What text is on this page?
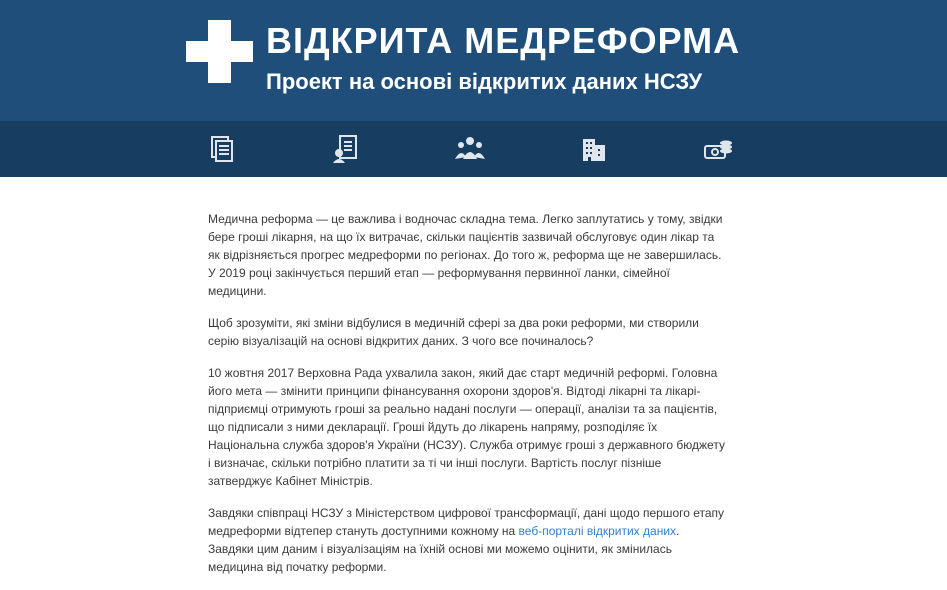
ВІДКРИТА МЕДРЕФОРМА
Проект на основі відкритих даних НСЗУ

Медична реформа — це важлива і водночас складна тема. Легко заплутатись у тому, звідки бере гроші лікарня, на що їх витрачає, скільки пацієнтів зазвичай обслуговує один лікар та як відрізняється прогрес медреформи по регіонах. До того ж, реформа ще не завершилась. У 2019 році закінчується перший етап — реформування первинної ланки, сімейної медицини.

Щоб зрозуміти, які зміни відбулися в медичній сфері за два роки реформи, ми створили серію візуалізацій на основі відкритих даних. З чого все починалось?

10 жовтня 2017 Верховна Рада ухвалила закон, який дає старт медичній реформі. Головна його мета — змінити принципи фінансування охорони здоров'я. Відтоді лікарні та лікарі-підприємці отримують гроші за реально надані послуги — операції, аналізи та за пацієнтів, що підписали з ними декларації. Гроші йдуть до лікарень напряму, розподіляє їх Національна служба здоров'я України (НСЗУ). Служба отримує гроші з державного бюджету і визначає, скільки потрібно платити за ті чи інші послуги. Вартість послуг пізніше затверджує Кабінет Міністрів.

Завдяки співпраці НСЗУ з Міністерством цифрової трансформації, дані щодо першого етапу медреформи відтепер стануть доступними кожному на веб-порталі відкритих даних. Завдяки цим даним і візуалізаціям на їхній основі ми можемо оцінити, як змінилась медицина від початку реформи.
